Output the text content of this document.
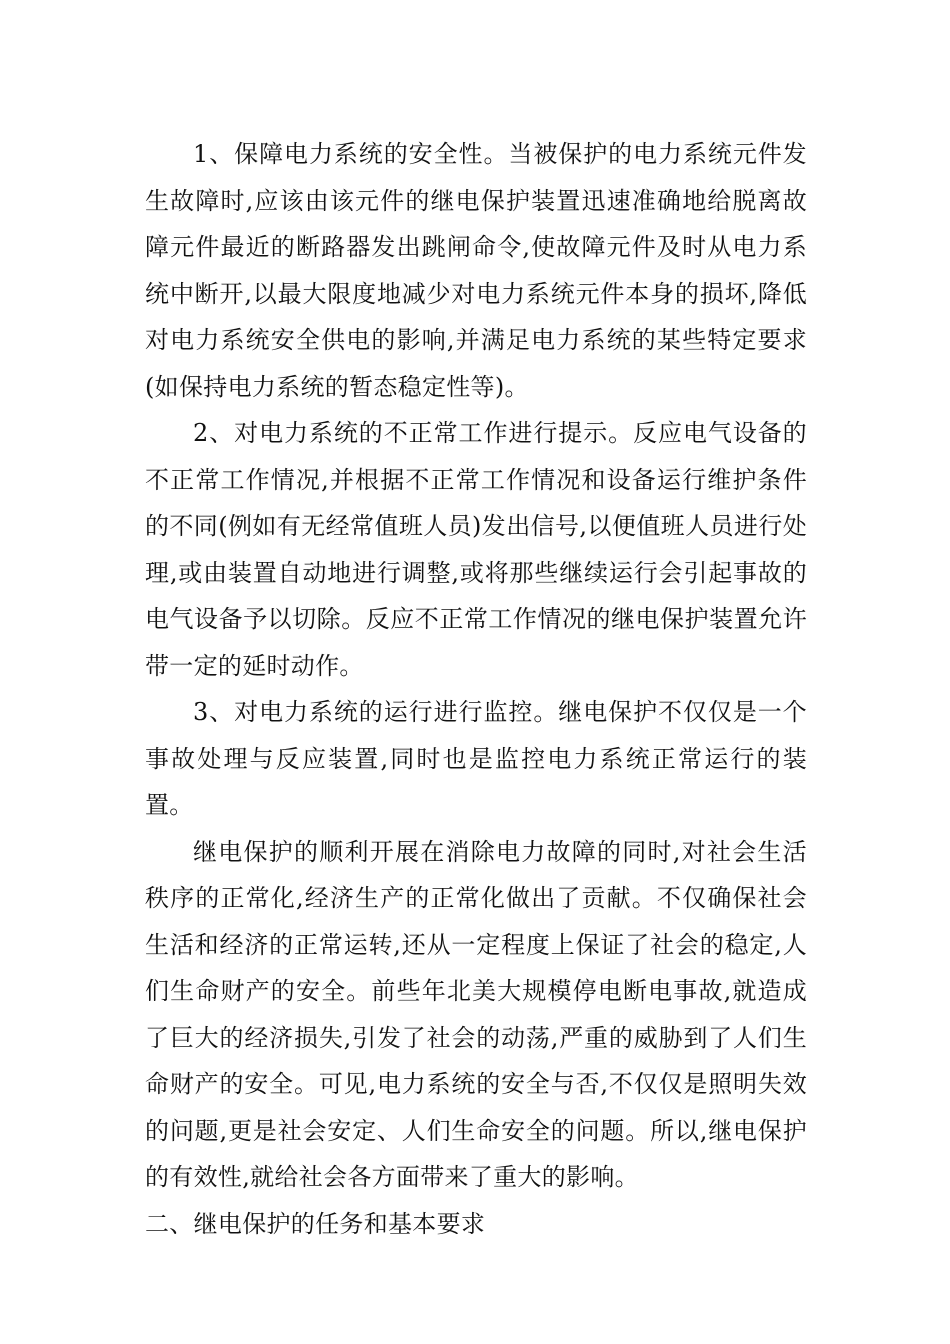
1、保障电力系统的安全性。当被保护的电力系统元件发生故障时,应该由该元件的继电保护装置迅速准确地给脱离故障元件最近的断路器发出跳闸命令,使故障元件及时从电力系统中断开,以最大限度地减少对电力系统元件本身的损坏,降低对电力系统安全供电的影响,并满足电力系统的某些特定要求(如保持电力系统的暂态稳定性等)。

2、对电力系统的不正常工作进行提示。反应电气设备的不正常工作情况,并根据不正常工作情况和设备运行维护条件的不同(例如有无经常值班人员)发出信号,以便值班人员进行处理,或由装置自动地进行调整,或将那些继续运行会引起事故的电气设备予以切除。反应不正常工作情况的继电保护装置允许带一定的延时动作。

3、对电力系统的运行进行监控。继电保护不仅仅是一个事故处理与反应装置,同时也是监控电力系统正常运行的装置。

继电保护的顺利开展在消除电力故障的同时,对社会生活秩序的正常化,经济生产的正常化做出了贡献。不仅确保社会生活和经济的正常运转,还从一定程度上保证了社会的稳定,人们生命财产的安全。前些年北美大规模停电断电事故,就造成了巨大的经济损失,引发了社会的动荡,严重的威胁到了人们生命财产的安全。可见,电力系统的安全与否,不仅仅是照明失效的问题,更是社会安定、人们生命安全的问题。所以,继电保护的有效性,就给社会各方面带来了重大的影响。

二、继电保护的任务和基本要求
